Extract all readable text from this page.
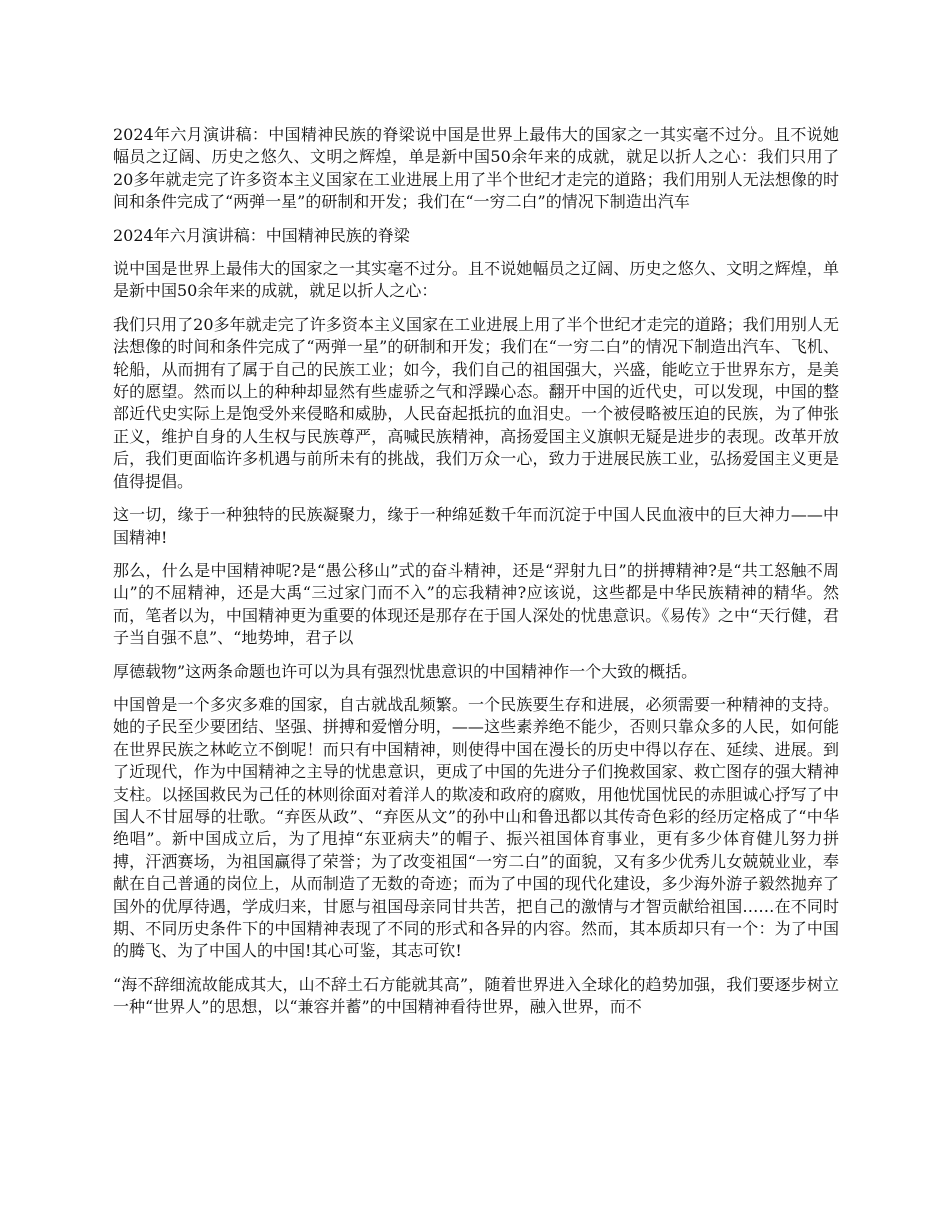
2024年六月演讲稿：中国精神民族的脊梁说中国是世界上最伟大的国家之一其实毫不过分。且不说她幅员之辽阔、历史之悠久、文明之辉煌，单是新中国50余年来的成就，就足以折人之心：我们只用了20多年就走完了许多资本主义国家在工业进展上用了半个世纪才走完的道路；我们用别人无法想像的时间和条件完成了“两弹一星”的研制和开发；我们在“一穷二白”的情况下制造出汽车

2024年六月演讲稿：中国精神民族的脊梁

说中国是世界上最伟大的国家之一其实毫不过分。且不说她幅员之辽阔、历史之悠久、文明之辉煌，单是新中国50余年来的成就，就足以折人之心：

我们只用了20多年就走完了许多资本主义国家在工业进展上用了半个世纪才走完的道路；我们用别人无法想像的时间和条件完成了“两弹一星”的研制和开发；我们在“一穷二白”的情况下制造出汽车、飞机、轮船，从而拥有了属于自己的民族工业；如今，我们自己的祖国强大，兴盛，能屹立于世界东方，是美好的愿望。然而以上的种种却显然有些虚骄之气和浮躁心态。翻开中国的近代史，可以发现，中国的整部近代史实际上是饱受外来侵略和威胁，人民奋起抵抗的血泪史。一个被侵略被压迫的民族，为了伸张正义，维护自身的人生权与民族尊严，高喊民族精神，高扬爱国主义旗帜无疑是进步的表现。改革开放后，我们更面临许多机遇与前所未有的挑战，我们万众一心，致力于进展民族工业，弘扬爱国主义更是值得提倡。

这一切，缘于一种独特的民族凝聚力，缘于一种绵延数千年而沉淀于中国人民血液中的巨大神力——中国精神!

那么，什么是中国精神呢?是“愚公移山”式的奋斗精神，还是“羿射九日”的拼搏精神?是“共工怒触不周山”的不屈精神，还是大禹“三过家门而不入”的忘我精神?应该说，这些都是中华民族精神的精华。然而，笔者以为，中国精神更为重要的体现还是那存在于国人深处的忧患意识。《易传》之中“天行健，君子当自强不息”、“地势坤，君子以

厚德载物”这两条命题也许可以为具有强烈忧患意识的中国精神作一个大致的概括。

中国曾是一个多灾多难的国家，自古就战乱频繁。一个民族要生存和进展，必须需要一种精神的支持。她的子民至少要团结、坚强、拼搏和爱憎分明，——这些素养绝不能少，否则只靠众多的人民，如何能在世界民族之林屹立不倒呢！而只有中国精神，则使得中国在漫长的历史中得以存在、延续、进展。到了近现代，作为中国精神之主导的忧患意识，更成了中国的先进分子们挽救国家、救亡图存的强大精神支柱。以拯国救民为己任的林则徐面对着洋人的欺凌和政府的腐败，用他忧国忧民的赤胆诚心抒写了中国人不甘屈辱的壮歌。“弃医从政”、“弃医从文”的孙中山和鲁迅都以其传奇色彩的经历定格成了“中华绝唱”。新中国成立后，为了甩掉“东亚病夫”的帽子、振兴祖国体育事业，更有多少体育健儿努力拼搏，汗洒赛场，为祖国赢得了荣誉；为了改变祖国“一穷二白”的面貌，又有多少优秀儿女兢兢业业，奉献在自己普通的岗位上，从而制造了无数的奇迹；而为了中国的现代化建设，多少海外游子毅然抛弃了国外的优厚待遇，学成归来，甘愿与祖国母亲同甘共苦，把自己的激情与才智贡献给祖国……在不同时期、不同历史条件下的中国精神表现了不同的形式和各异的内容。然而，其本质却只有一个：为了中国的腾飞、为了中国人的中国!其心可鉴，其志可钦!

“海不辞细流故能成其大，山不辞土石方能就其高”，随着世界进入全球化的趋势加强，我们要逐步树立一种“世界人”的思想，以“兼容并蓄”的中国精神看待世界，融入世界，而不
